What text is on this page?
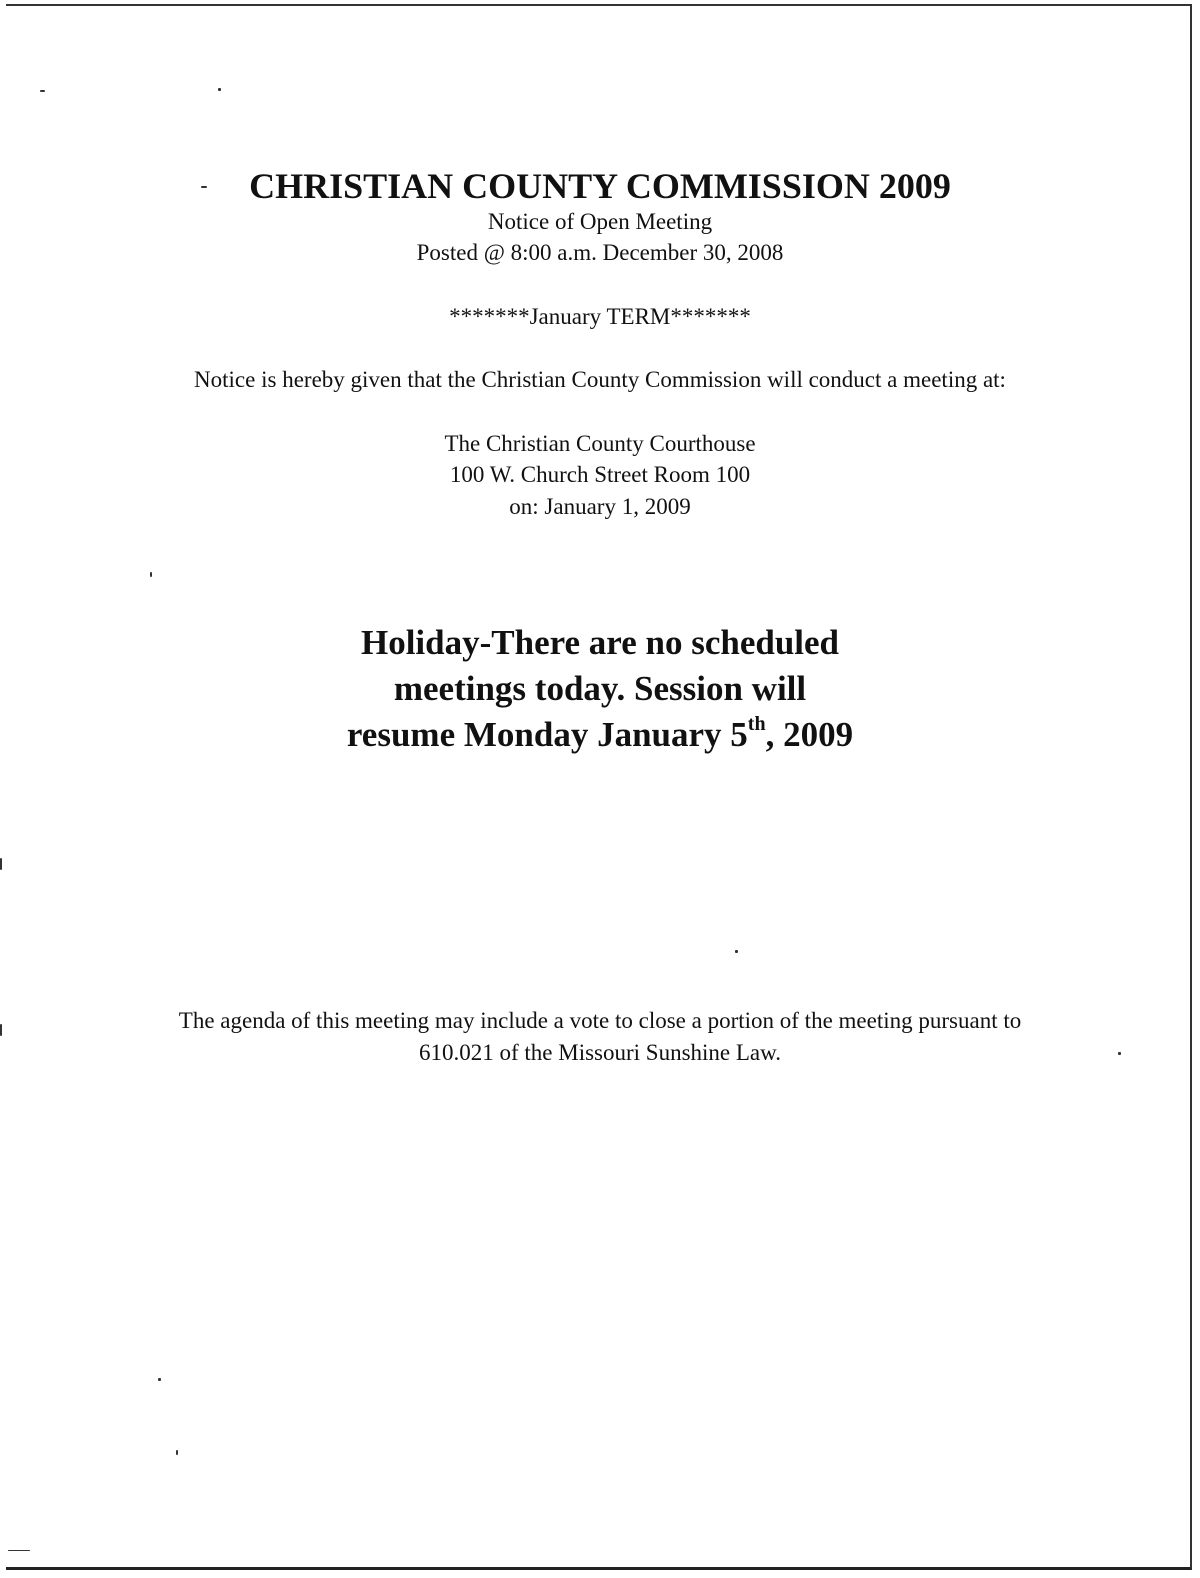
CHRISTIAN COUNTY COMMISSION 2009
Notice of Open Meeting
Posted @ 8:00 a.m. December 30, 2008
*******January TERM*******
Notice is hereby given that the Christian County Commission will conduct a meeting at:
The Christian County Courthouse
100 W. Church Street Room 100
on: January 1, 2009
Holiday-There are no scheduled
meetings today. Session will
resume Monday January 5th, 2009
The agenda of this meeting may include a vote to close a portion of the meeting pursuant to
610.021 of the Missouri Sunshine Law.
